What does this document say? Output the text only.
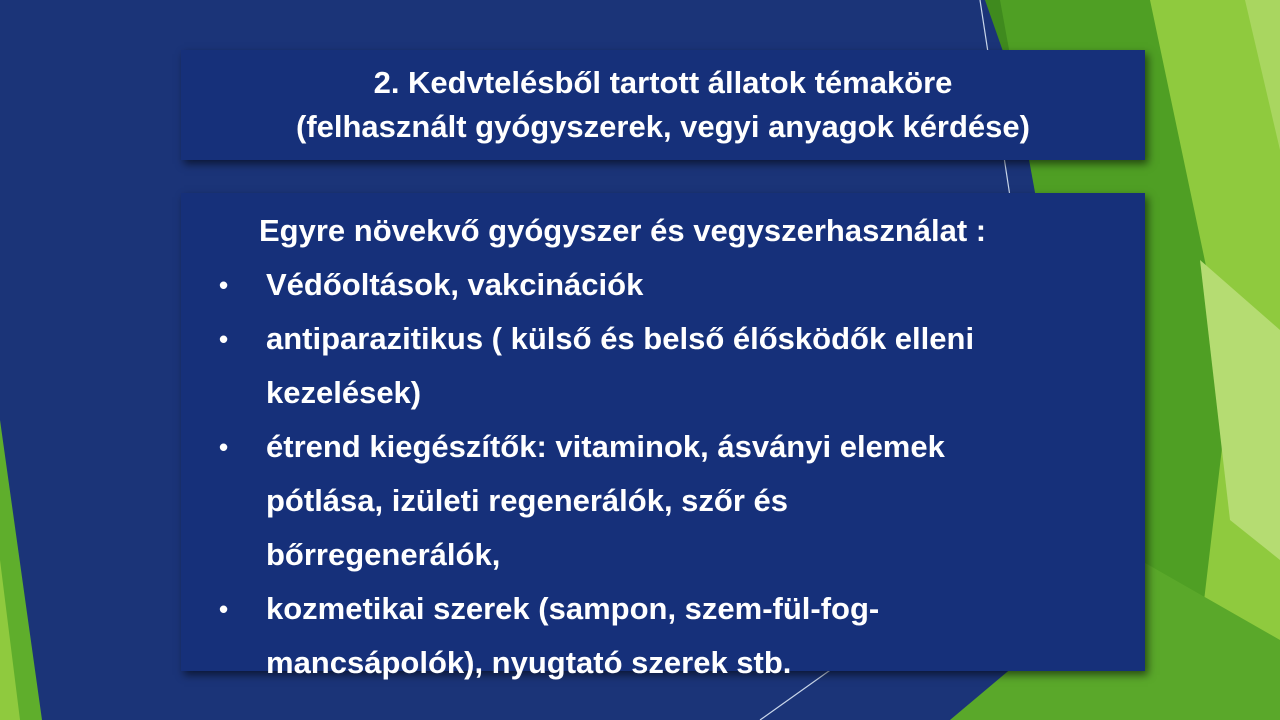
2. Kedvtelésből tartott állatok témaköre
(felhasznált gyógyszerek, vegyi anyagok kérdése)
Egyre növekvő gyógyszer és vegyszerhasználat :
• Védőoltások, vakcinációk
• antiparazitikus ( külső és belső élősködők elleni
kezelések)
• étrend kiegészítők: vitaminok, ásványi elemek
pótlása, izületi regenerálók, szőr és
bőrregenerálók,
• kozmetikai szerek (sampon, szem-fül-fog-
mancsápolók), nyugtató szerek stb.
